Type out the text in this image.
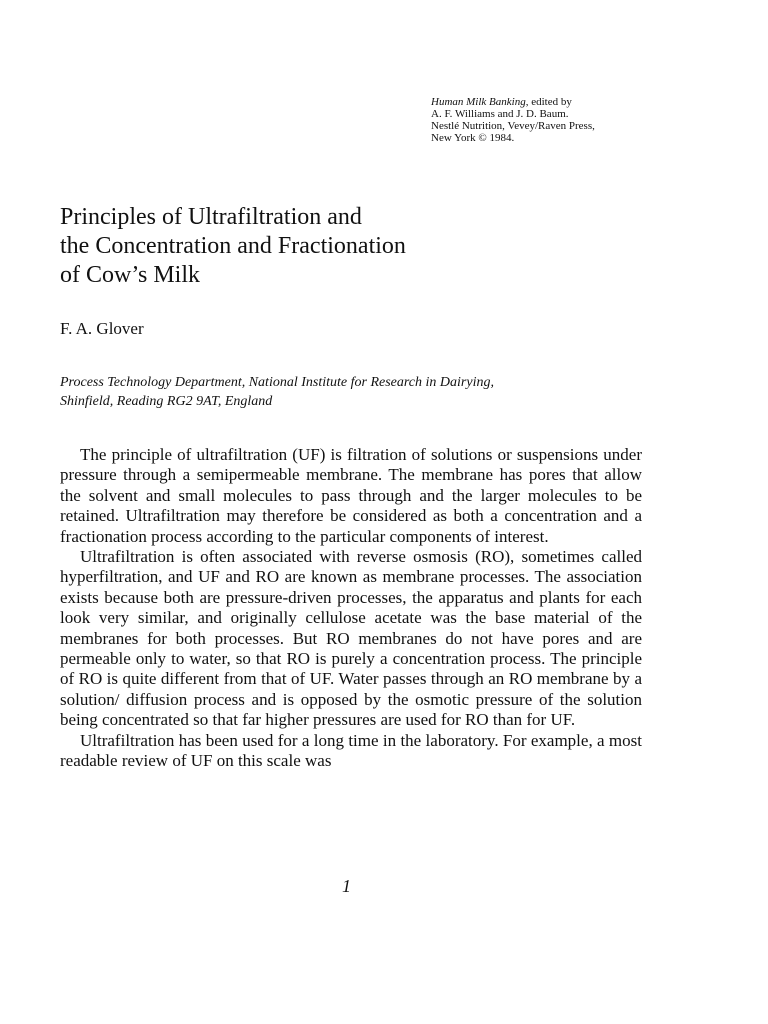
Human Milk Banking, edited by
A. F. Williams and J. D. Baum.
Nestlé Nutrition, Vevey/Raven Press,
New York © 1984.
Principles of Ultrafiltration and
the Concentration and Fractionation
of Cow’s Milk
F. A. Glover
Process Technology Department, National Institute for Research in Dairying,
Shinfield, Reading RG2 9AT, England

The principle of ultrafiltration (UF) is filtration of solutions or suspensions under pressure through a semipermeable membrane. The membrane has pores that allow the solvent and small molecules to pass through and the larger molecules to be retained. Ultrafiltration may therefore be considered as both a concentration and a fractionation process according to the particular components of interest.

Ultrafiltration is often associated with reverse osmosis (RO), sometimes called hyperfiltration, and UF and RO are known as membrane processes. The association exists because both are pressure-driven processes, the apparatus and plants for each look very similar, and originally cellulose acetate was the base material of the membranes for both processes. But RO membranes do not have pores and are permeable only to water, so that RO is purely a concentration process. The principle of RO is quite different from that of UF. Water passes through an RO membrane by a solution/ diffusion process and is opposed by the osmotic pressure of the solution being concentrated so that far higher pressures are used for RO than for UF.

Ultrafiltration has been used for a long time in the laboratory. For example, a most readable review of UF on this scale was

1
